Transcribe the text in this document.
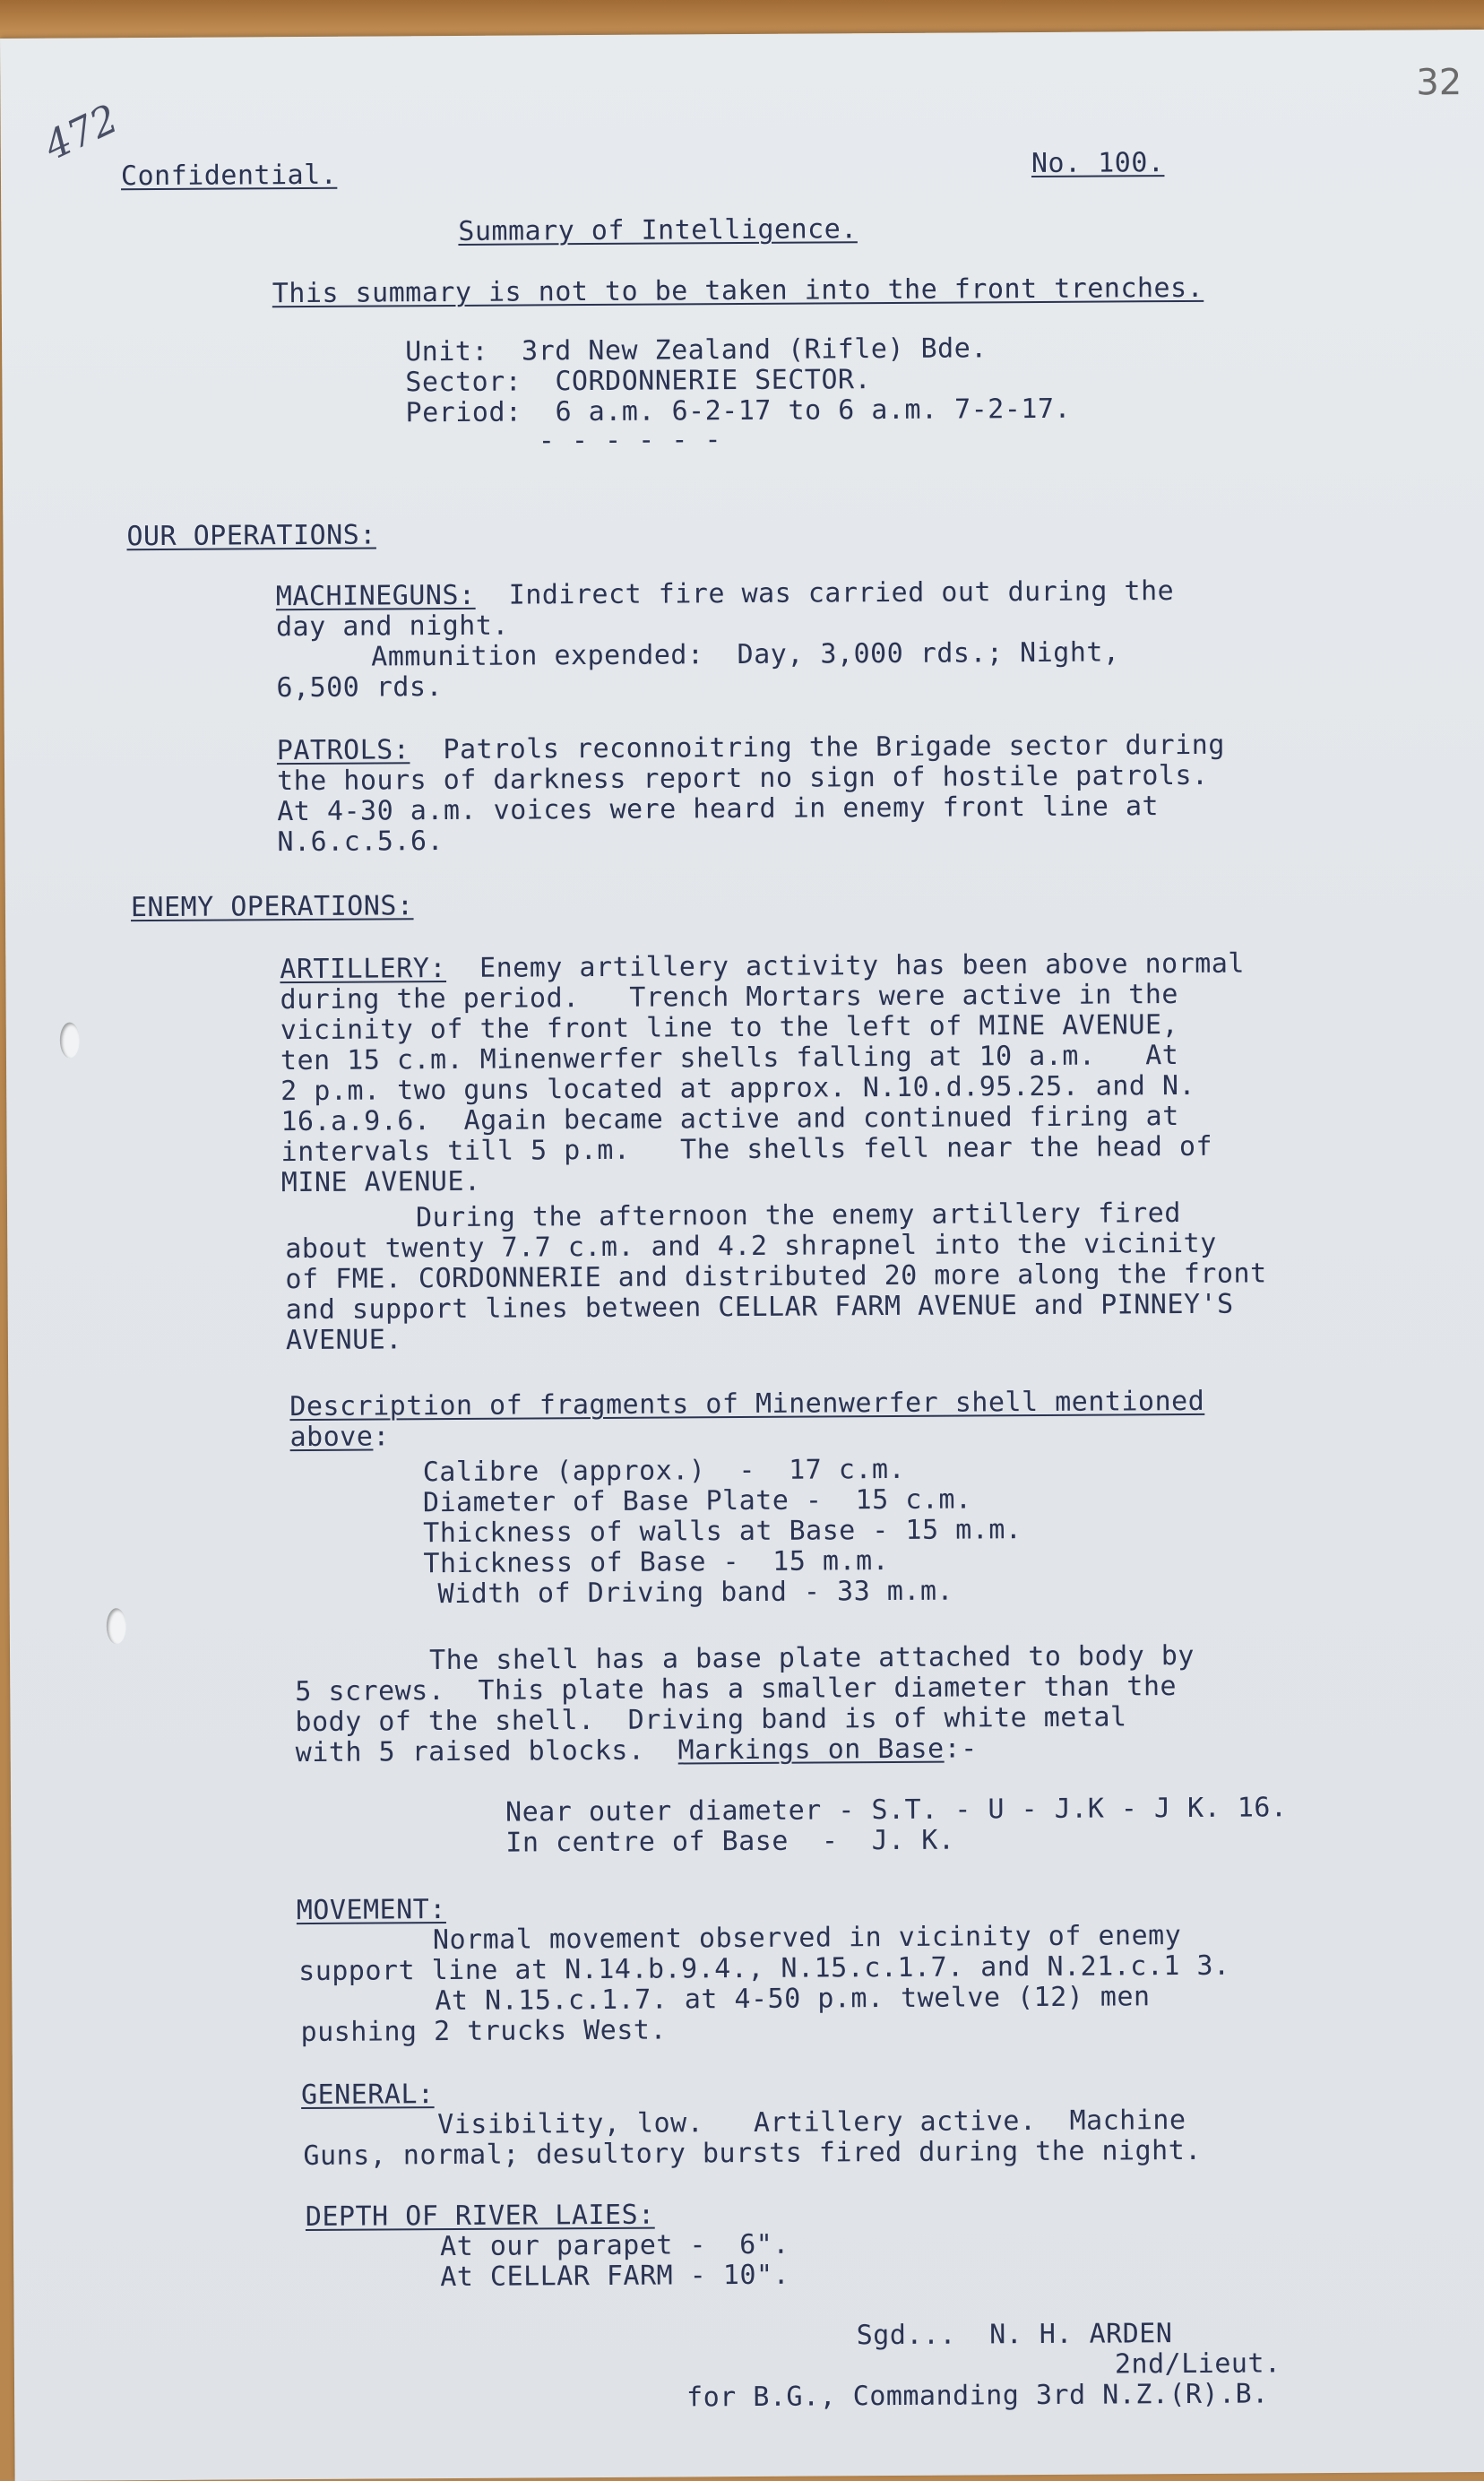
32
472
Confidential.	No. 100.
Summary of Intelligence.
This summary is not to be taken into the front trenches.
Unit:  3rd New Zealand (Rifle) Bde.
Sector:  CORDONNERIE SECTOR.
Period:  6 a.m. 6-2-17 to 6 a.m. 7-2-17.
- - - - - -
OUR OPERATIONS:
MACHINEGUNS: Indirect fire was carried out during the
day and night.
Ammunition expended:  Day, 3,000 rds.; Night,
6,500 rds.
PATROLS: Patrols reconnoitring the Brigade sector during
the hours of darkness report no sign of hostile patrols.
At 4-30 a.m. voices were heard in enemy front line at
N.6.c.5.6.
ENEMY OPERATIONS:
ARTILLERY: Enemy artillery activity has been above normal
during the period.   Trench Mortars were active in the
vicinity of the front line to the left of MINE AVENUE,
ten 15 c.m. Minenwerfer shells falling at 10 a.m.   At
2 p.m. two guns located at approx. N.10.d.95.25. and N.
16.a.9.6.  Again became active and continued firing at
intervals till 5 p.m.   The shells fell near the head of
MINE AVENUE.
During the afternoon the enemy artillery fired
about twenty 7.7 c.m. and 4.2 shrapnel into the vicinity
of FME. CORDONNERIE and distributed 20 more along the front
and support lines between CELLAR FARM AVENUE and PINNEY'S
AVENUE.
Description of fragments of Minenwerfer shell mentioned
above:
Calibre (approx.)  -  17 c.m.
Diameter of Base Plate -  15 c.m.
Thickness of walls at Base - 15 m.m.
Thickness of Base -  15 m.m.
Width of Driving band - 33 m.m.
The shell has a base plate attached to body by
5 screws.  This plate has a smaller diameter than the
body of the shell.  Driving band is of white metal
with 5 raised blocks. Markings on Base:-
Near outer diameter - S.T. - U - J.K - J K. 16.
In centre of Base  -  J. K.
MOVEMENT:
Normal movement observed in vicinity of enemy
support line at N.14.b.9.4., N.15.c.1.7. and N.21.c.1 3.
At N.15.c.1.7. at 4-50 p.m. twelve (12) men
pushing 2 trucks West.
GENERAL:
Visibility, low.   Artillery active.  Machine
Guns, normal; desultory bursts fired during the night.
DEPTH OF RIVER LAIES:
At our parapet -  6".
At CELLAR FARM - 10".
Sgd...  N. H. ARDEN
2nd/Lieut.
for B.G., Commanding 3rd N.Z.(R).B.
